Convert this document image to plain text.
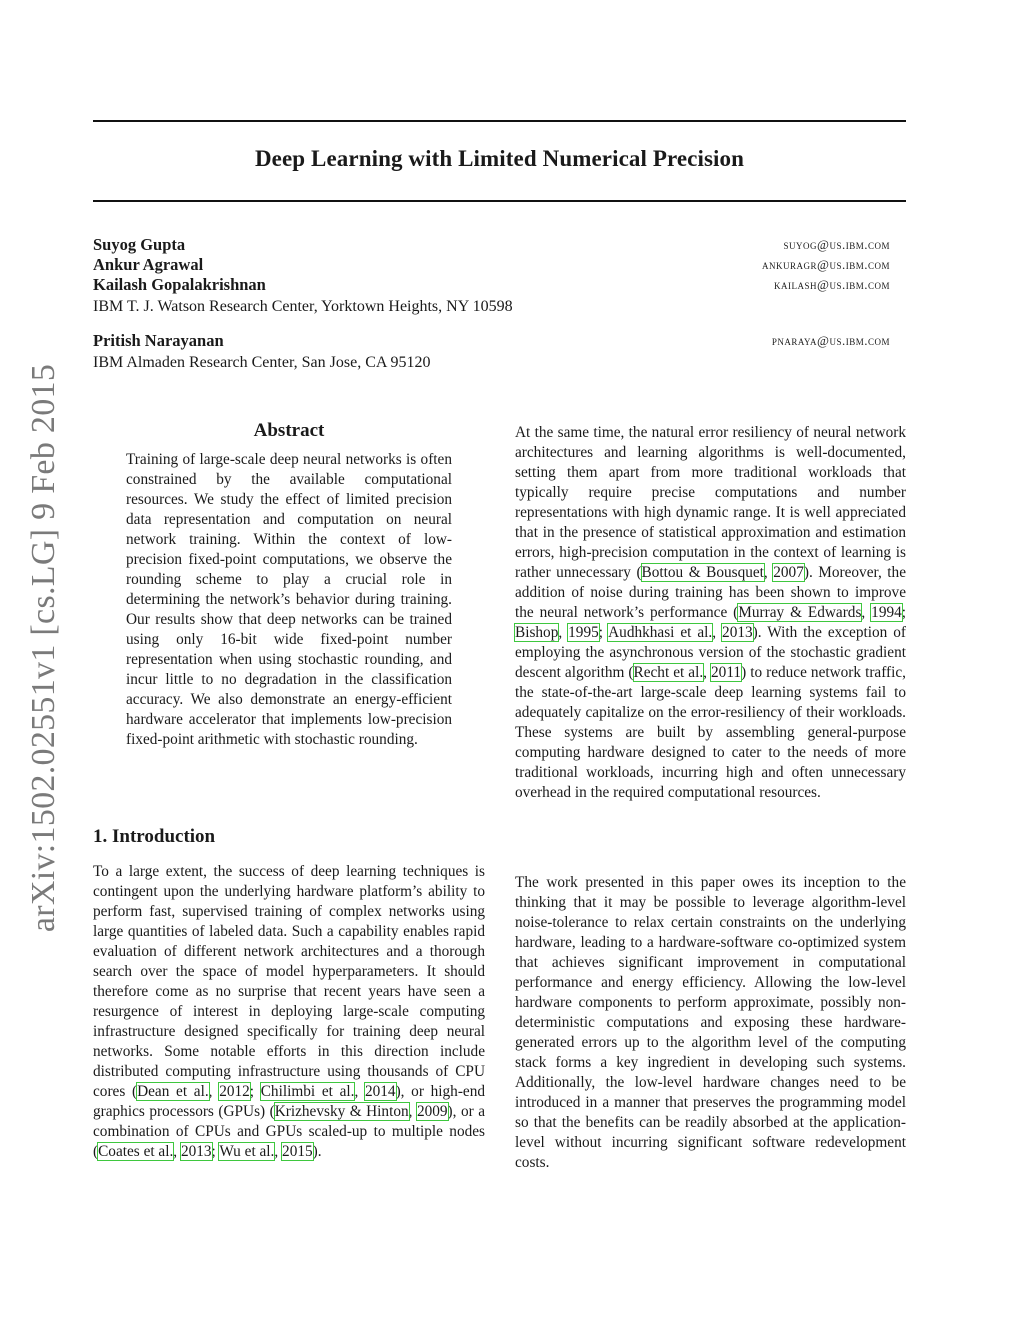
Deep Learning with Limited Numerical Precision
Suyog Gupta	suyog@us.ibm.com
Ankur Agrawal	ankuragr@us.ibm.com
Kailash Gopalakrishnan	kailash@us.ibm.com
IBM T. J. Watson Research Center, Yorktown Heights, NY 10598
Pritish Narayanan	pnaraya@us.ibm.com
IBM Almaden Research Center, San Jose, CA 95120
arXiv:1502.02551v1 [cs.LG] 9 Feb 2015	Abstract
Training of large-scale deep neural networks is often constrained by the available computational resources. We study the effect of limited precision data representation and computation on neural network training. Within the context of low-precision fixed-point computations, we observe the rounding scheme to play a crucial role in determining the network’s behavior during training. Our results show that deep networks can be trained using only 16-bit wide fixed-point number representation when using stochastic rounding, and incur little to no degradation in the classification accuracy. We also demonstrate an energy-efficient hardware accelerator that implements low-precision fixed-point arithmetic with stochastic rounding.
1. Introduction
To a large extent, the success of deep learning techniques is contingent upon the underlying hardware platform’s ability to perform fast, supervised training of complex networks using large quantities of labeled data. Such a capability enables rapid evaluation of different network architectures and a thorough search over the space of model hyperparameters. It should therefore come as no surprise that recent years have seen a resurgence of interest in deploying large-scale computing infrastructure designed specifically for training deep neural networks. Some notable efforts in this direction include distributed computing infrastructure using thousands of CPU cores (Dean et al., 2012; Chilimbi et al., 2014), or high-end graphics processors (GPUs) (Krizhevsky & Hinton, 2009), or a combination of CPUs and GPUs scaled-up to multiple nodes (Coates et al., 2013; Wu et al., 2015).
At the same time, the natural error resiliency of neural network architectures and learning algorithms is well-documented, setting them apart from more traditional workloads that typically require precise computations and number representations with high dynamic range. It is well appreciated that in the presence of statistical approximation and estimation errors, high-precision computation in the context of learning is rather unnecessary (Bottou & Bousquet, 2007). Moreover, the addition of noise during training has been shown to improve the neural network’s performance (Murray & Edwards, 1994; Bishop, 1995; Audhkhasi et al., 2013). With the exception of employing the asynchronous version of the stochastic gradient descent algorithm (Recht et al., 2011) to reduce network traffic, the state-of-the-art large-scale deep learning systems fail to adequately capitalize on the error-resiliency of their workloads. These systems are built by assembling general-purpose computing hardware designed to cater to the needs of more traditional workloads, incurring high and often unnecessary overhead in the required computational resources.
The work presented in this paper owes its inception to the thinking that it may be possible to leverage algorithm-level noise-tolerance to relax certain constraints on the underlying hardware, leading to a hardware-software co-optimized system that achieves significant improvement in computational performance and energy efficiency. Allowing the low-level hardware components to perform approximate, possibly non-deterministic computations and exposing these hardware-generated errors up to the algorithm level of the computing stack forms a key ingredient in developing such systems. Additionally, the low-level hardware changes need to be introduced in a manner that preserves the programming model so that the benefits can be readily absorbed at the application-level without incurring significant software redevelopment costs.
